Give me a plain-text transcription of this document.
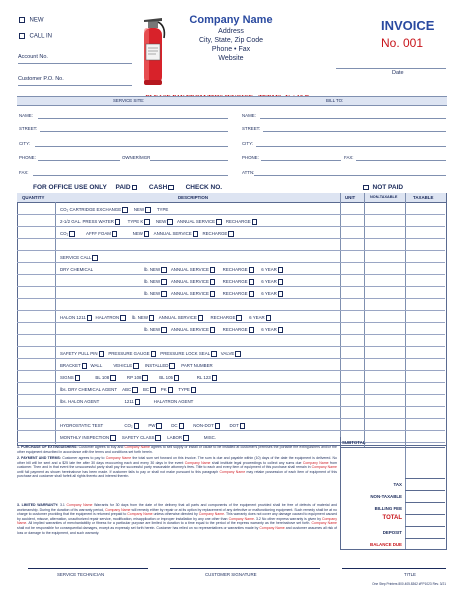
NEW
CALL IN
Account No.
Customer P.O. No.
Company Name
Address
City, State, Zip Code
Phone • Fax
Website
INVOICE
No. 001
Date
SERVICE SITE:	BILL TO:
NAME:	NAME:
STREET:	STREET:
CITY:	CITY:
PHONE:	OWNER/MGR	PHONE:	FAX:
FAX:	ATTN:
FOR OFFICE USE ONLY PAID	CASH	CHECK NO.	NOT PAID
QUANTITY	DESCRIPTION	UNIT	NON-TAXABLE	TAXABLE
CO₂ CARTRIDGE EXCHANGE	NEW	TYPE
2-1/2 GAL. PRESS WATER	TYPE K	NEW ANNUAL SERVICE RECHARGE
CO₂	AFFF FOAM	NEW ANNUAL SERVICE RECHARGE
SERVICE CALL
DRY CHEMICAL	lb. NEW ANNUAL SERVICE	RECHARGE	6 YEAR
lb. NEW ANNUAL SERVICE	RECHARGE	6 YEAR
lb. NEW ANNUAL SERVICE	RECHARGE	6 YEAR
HALON 1211 HALATRON	lb. NEW ANNUAL SERVICE	RECHARGE	6 YEAR
lb. NEW ANNUAL SERVICE	RECHARGE	6 YEAR
SAFETY PULL PIN PRESSURE GAUGE PRESSURE LOCK SEAL VALVE
BRACKET WALL	VEHICLE	INSTALLED	PART NUMBER
SIGNS	BL 108	RP 108	BL 105	RL 123
lbs. DRY CHEMICAL AGENT ABC	BC	PK	TYPE
lbs. HALON AGENT	1211	HALATRON AGENT
HYDROSTATIC TEST	CO₂	PW	DC	NON-DOT	DOT
MONTHLY INSPECTION	SAFETY CLASS	LABOR	MISC.
1. PURCHASE OF EXTINGUISHERS: Customer agrees to buy and Company Name agrees to sell supply or install or cause to be installed at customer's premises the portable fire extinguishers and/or the other equipment described in accordance with the terms and conditions set forth herein.
2. PAYMENT AND TERMS: Customer agrees to pay to Company Name the total sum set forward on this invoice. The sum is due and payable within (10) days of the date the equipment is delivered. No other bill will be sent and a $25 late fee after 30 days reoccurring each and every 30 days in the event Company Name shall institute legal proceedings to collect any sums due Company Name from customer. Then and in that event the unsuccessful party shall pay the successful party reasonable attorney's fees. Title to each and every item of equipment of this purchase shall remain in Company Name until full payment as shown hereinabove has been made. If customer fails to pay or shall not make pursuant to this paragraph Company Name may retake possession of each item of equipment of this purchase and customer shall forfeit all rights thereto and interest therein.
3. LIMITED WARRANTY: 3.1 Company Name Warrants for 30 days from the date of the delivery that all parts and components of the equipment provided shall be free of defects of material and workmanship. During the duration of its warranty period, Company Name will remedy either by repair or at its option by replacement of any defective or malfunctioning equipment. Such remedy shall be at no charge to customer providing that the equipment is returned prepaid to Company Name unless otherwise directed by Company Name. This warranty does not cover any damage caused to equipment caused by accident, misuse, alternation, unauthorized repair service, modification, misapplication or improper installation by any one other than Company Name. 3.2 No other express warranty is given by Company Name. All implied warranties of merchantability or fitness for a particular purpose are limited in duration to a time equal to the period of the express warranty as the hereinabove set forth. Company Name shall not be responsible for consequential damages, except as expressly set forth herein. Customer has relied on no representatives or warranties made by Company Name and customer assumes all risk of loss or damage to the equipment, and such warranty.
SUBTOTAL
TAX
NON-TAXABLE
BILLING FEE
TOTAL
DEPOSIT
BALANCE DUE
SERVICE TECHNICIAN	CUSTOMER SIGNATURE	TITLE
One Step Printers 800.405.8362 #FP1023 Rev. 3/21
